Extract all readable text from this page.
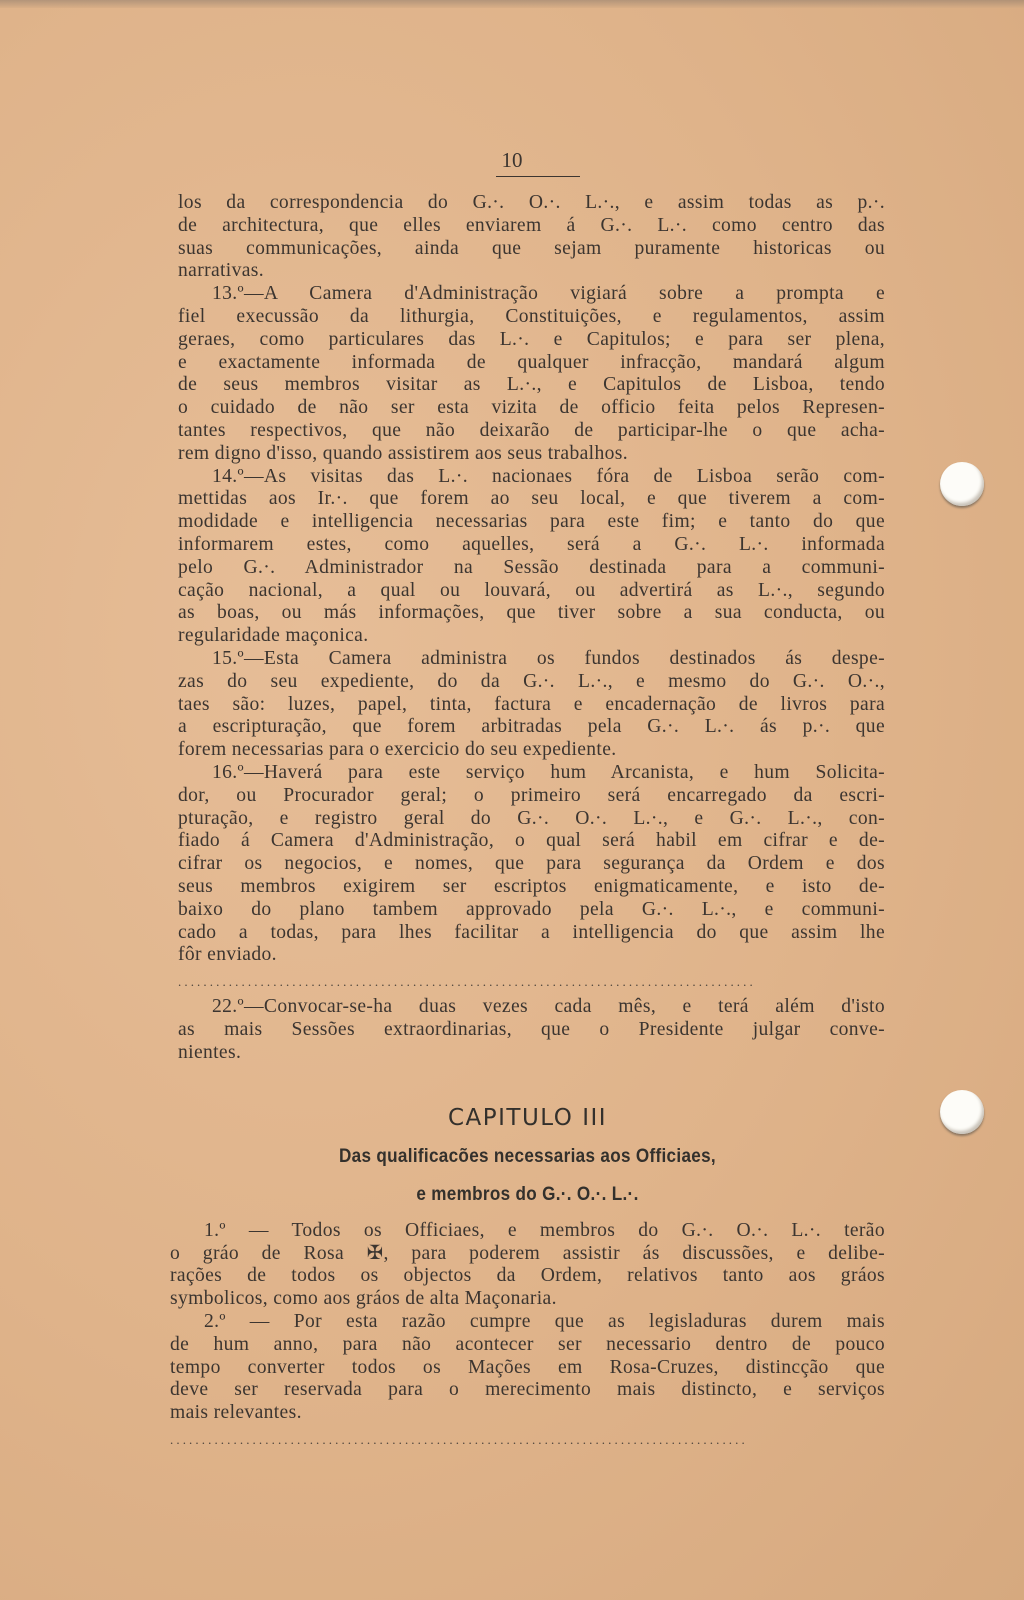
10

los da correspondencia do G.·. O.·. L.·., e assim todas as p.·.

de architectura, que elles enviarem á G.·. L.·. como centro das

suas communicações, ainda que sejam puramente historicas ou

narrativas.

13.º—A Camera d'Administração vigiará sobre a prompta e

fiel execussão da lithurgia, Constituições, e regulamentos, assim

geraes, como particulares das L.·. e Capitulos; e para ser plena,

e exactamente informada de qualquer infracção, mandará algum

de seus membros visitar as L.·., e Capitulos de Lisboa, tendo

o cuidado de não ser esta vizita de officio feita pelos Represen-

tantes respectivos, que não deixarão de participar-lhe o que acha-

rem digno d'isso, quando assistirem aos seus trabalhos.

14.º—As visitas das L.·. nacionaes fóra de Lisboa serão com-

mettidas aos Ir.·. que forem ao seu local, e que tiverem a com-

modidade e intelligencia necessarias para este fim; e tanto do que

informarem estes, como aquelles, será a G.·. L.·. informada

pelo G.·. Administrador na Sessão destinada para a communi-

cação nacional, a qual ou louvará, ou advertirá as L.·., segundo

as boas, ou más informações, que tiver sobre a sua conducta, ou

regularidade maçonica.

15.º—Esta Camera administra os fundos destinados ás despe-

zas do seu expediente, do da G.·. L.·., e mesmo do G.·. O.·.,

taes são: luzes, papel, tinta, factura e encadernação de livros para

a escripturação, que forem arbitradas pela G.·. L.·. ás p.·. que

forem necessarias para o exercicio do seu expediente.

16.º—Haverá para este serviço hum Arcanista, e hum Solicita-

dor, ou Procurador geral; o primeiro será encarregado da escri-

pturação, e registro geral do G.·. O.·. L.·., e G.·. L.·., con-

fiado á Camera d'Administração, o qual será habil em cifrar e de-

cifrar os negocios, e nomes, que para segurança da Ordem e dos

seus membros exigirem ser escriptos enigmaticamente, e isto de-

baixo do plano tambem approvado pela G.·. L.·., e communi-

cado a todas, para lhes facilitar a intelligencia do que assim lhe

fôr enviado.

...........................................................................................

22.º—Convocar-se-ha duas vezes cada mês, e terá além d'isto

as mais Sessões extraordinarias, que o Presidente julgar conve-

nientes.

CAPITULO III
Das qualificacões necessarias aos Officiaes,
e membros do G.·. O.·. L.·.

1.º — Todos os Officiaes, e membros do G.·. O.·. L.·. terão

o gráo de Rosa ✠, para poderem assistir ás discussões, e delibe-

rações de todos os objectos da Ordem, relativos tanto aos gráos

symbolicos, como aos gráos de alta Maçonaria.

2.º — Por esta razão cumpre que as legisladuras durem mais

de hum anno, para não acontecer ser necessario dentro de pouco

tempo converter todos os Mações em Rosa-Cruzes, distincção que

deve ser reservada para o merecimento mais distincto, e serviços

mais relevantes.

...........................................................................................
